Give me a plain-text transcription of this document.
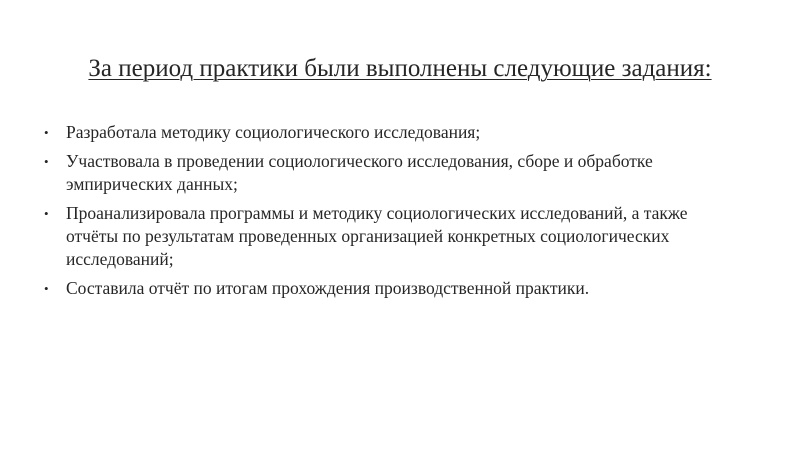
За период практики были выполнены следующие задания:
• Разработала методику социологического исследования;
• Участвовала в проведении социологического исследования, сборе и обработке эмпирических данных;
• Проанализировала программы и методику социологических исследований, а также отчёты по результатам проведенных организацией конкретных социологических исследований;
• Составила отчёт по итогам прохождения производственной практики.
